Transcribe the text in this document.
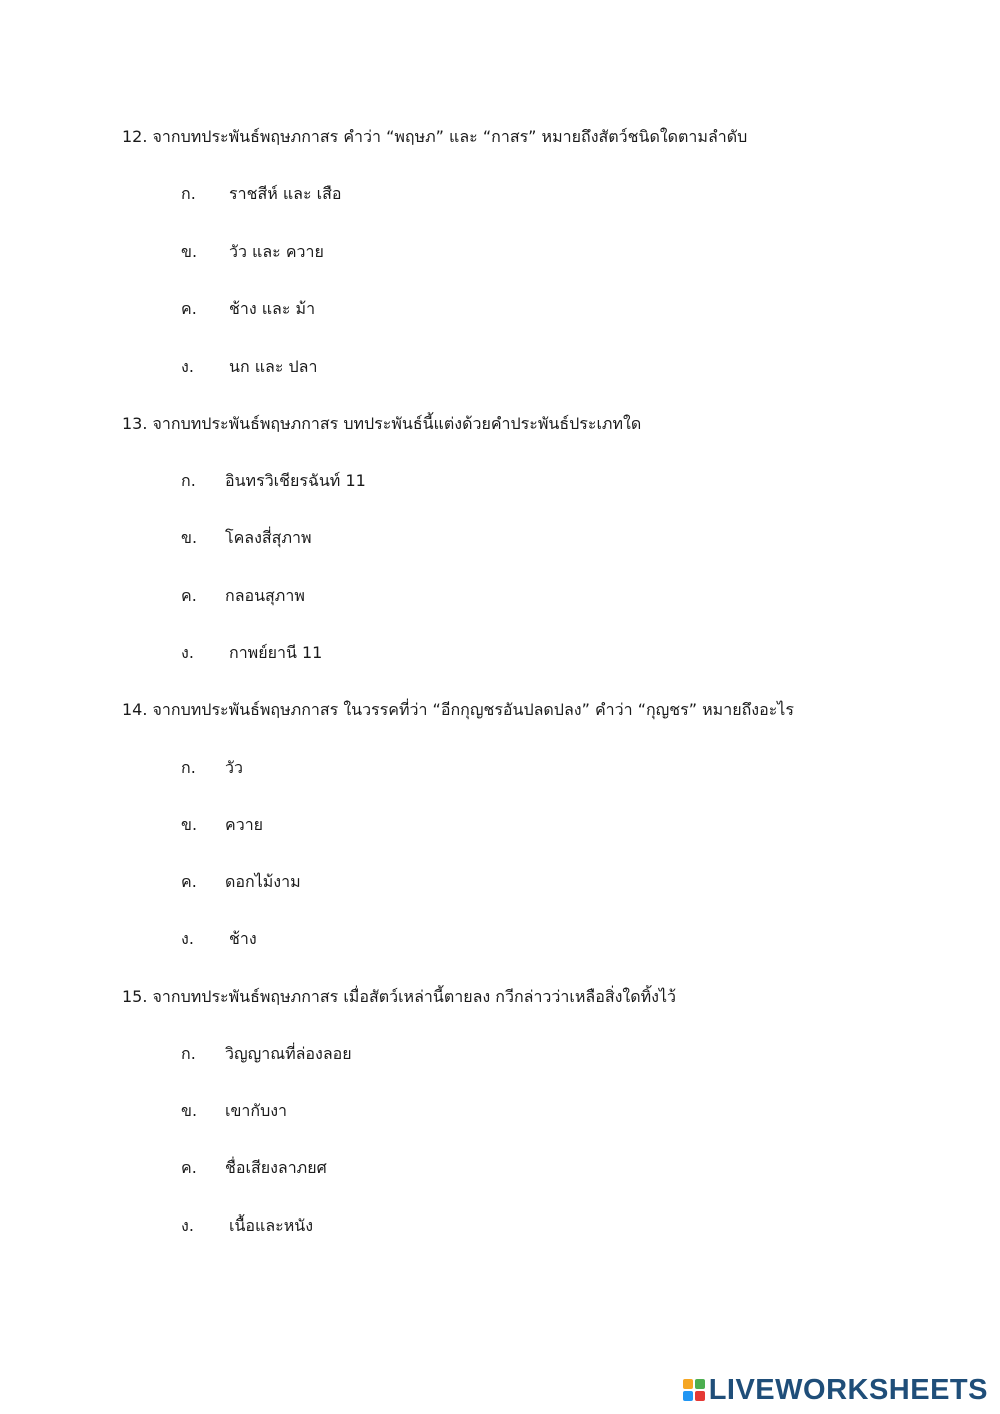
12. จากบทประพันธ์พฤษภกาสร คำว่า “พฤษภ” และ “กาสร” หมายถึงสัตว์ชนิดใดตามลำดับ
ก. ราชสีห์ และ เสือ
ข. วัว และ ควาย
ค. ช้าง และ ม้า
ง. นก และ ปลา
13. จากบทประพันธ์พฤษภกาสร บทประพันธ์นี้แต่งด้วยคำประพันธ์ประเภทใด
ก. อินทรวิเชียรฉันท์ 11
ข. โคลงสี่สุภาพ
ค. กลอนสุภาพ
ง. กาพย์ยานี 11
14. จากบทประพันธ์พฤษภกาสร ในวรรคที่ว่า “อีกกุญชรอันปลดปลง” คำว่า “กุญชร” หมายถึงอะไร
ก. วัว
ข. ควาย
ค. ดอกไม้งาม
ง. ช้าง
15. จากบทประพันธ์พฤษภกาสร เมื่อสัตว์เหล่านี้ตายลง กวีกล่าวว่าเหลือสิ่งใดทิ้งไว้
ก. วิญญาณที่ล่องลอย
ข. เขากับงา
ค. ชื่อเสียงลาภยศ
ง. เนื้อและหนัง
LIVEWORKSHEETS
